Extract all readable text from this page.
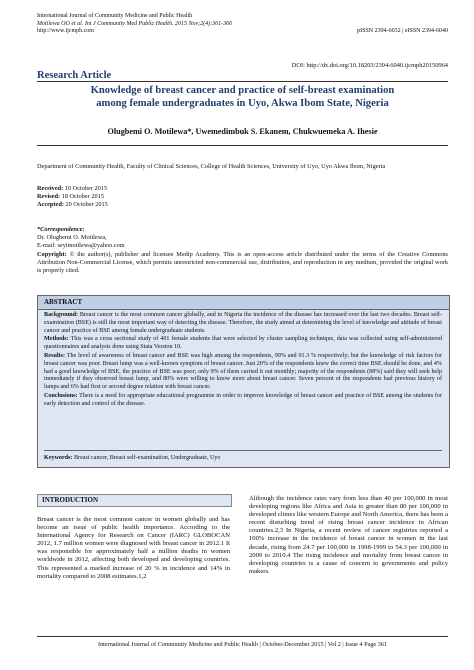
International Journal of Community Medicine and Public Health
Motilewa OO et al. Int J Community Med Public Health. 2015 Nov;2(4):361-366
http://www.ijcmph.com	pISSN 2394-6032 | eISSN 2394-6040
DOI: http://dx.doi.org/10.18203/2394-6040.ijcmph20150964
Research Article
Knowledge of breast cancer and practice of self-breast examination
among female undergraduates in Uyo, Akwa Ibom State, Nigeria
Olugbemi O. Motilewa*, Uwemedimbuk S. Ekanem, Chukwuemeka A. Ihesie
Department of Community Health, Faculty of Clinical Sciences, College of Health Sciences, University of Uyo, Uyo Akwa Ibom, Nigeria
Received: 10 October 2015
Revised: 18 October 2015
Accepted: 20 October 2015
*Correspondence:
Dr. Olugbemi O. Motilewa,
E-mail: seyimotilewa@yahoo.com
Copyright: © the author(s), publisher and licensee Medip Academy. This is an open-access article distributed under the terms of the Creative Commons Attribution Non-Commercial License, which permits unrestricted non-commercial use, distribution, and reproduction in any medium, provided the original work is properly cited.
ABSTRACT

Background: Breast cancer is the most common cancer globally, and in Nigeria the incidence of the disease has increased over the last two decades. Breast self-examination (BSE) is still the most important way of detecting the disease. Therefore, the study aimed at determining the level of knowledge and attitude of breast cancer and practice of BSE among female undergraduate students.

Methods: This was a cross sectional study of 401 female students that were selected by cluster sampling technique, data was collected using self-administered questionnaires and analysis done using Stata Version 10.

Results: The level of awareness of breast cancer and BSE was high among the respondents, 99% and 91.3 % respectively; but the knowledge of risk factors for breast cancer was poor. Breast lump was a well-known symptom of breast cancer. Just 20% of the respondents knew the correct time BSE should be done, and 4% had a good knowledge of BSE, the practice of BSE was poor; only 9% of them carried it out monthly; majority of the respondents (88%) said they will seek help immediately if they observed breast lump, and 80% were willing to know more about breast cancer. Seven percent of the respondents had previous history of lumps and 6% had first or second degree relation with breast cancer.

Conclusions: There is a need for appropriate educational programme in order to improve knowledge of breast cancer and practice of BSE among the students for early detection and control of the disease.

Keywords: Breast cancer, Breast self-examination, Undergraduate, Uyo
INTRODUCTION
Breast cancer is the most common cancer in women globally and has become an issue of public health importance. According to the International Agency for Research on Cancer (IARC) GLOBOCAN 2012, 1.7 million women were diagnosed with breast cancer in 2012.1 It was responsible for approximately half a million deaths in women worldwide in 2012, affecting both developed and developing countries. This represented a marked increase of 20 % in incidence and 14% in mortality compared to 2008 estimates.1,2
Although the incidence rates vary from less than 40 per 100,000 in most developing regions like Africa and Asia to greater than 80 per 100,000 in developed climes like western Europe and North America, there has been a recent disturbing trend of rising breast cancer incidence in African countries.2,3 In Nigeria, a recent review of cancer registries reported a 100% increase in the incidence of breast cancer in women in the last decade, rising from 24.7 per 100,000 in 1998-1999 to 54.3 per 100,000 in 2009 to 2010.4 The rising incidence and mortality from breast cancer in developing countries is a cause of concern to governments and policy makers.
International Journal of Community Medicine and Public Health | October-December 2015 | Vol 2 | Issue 4 Page 361
